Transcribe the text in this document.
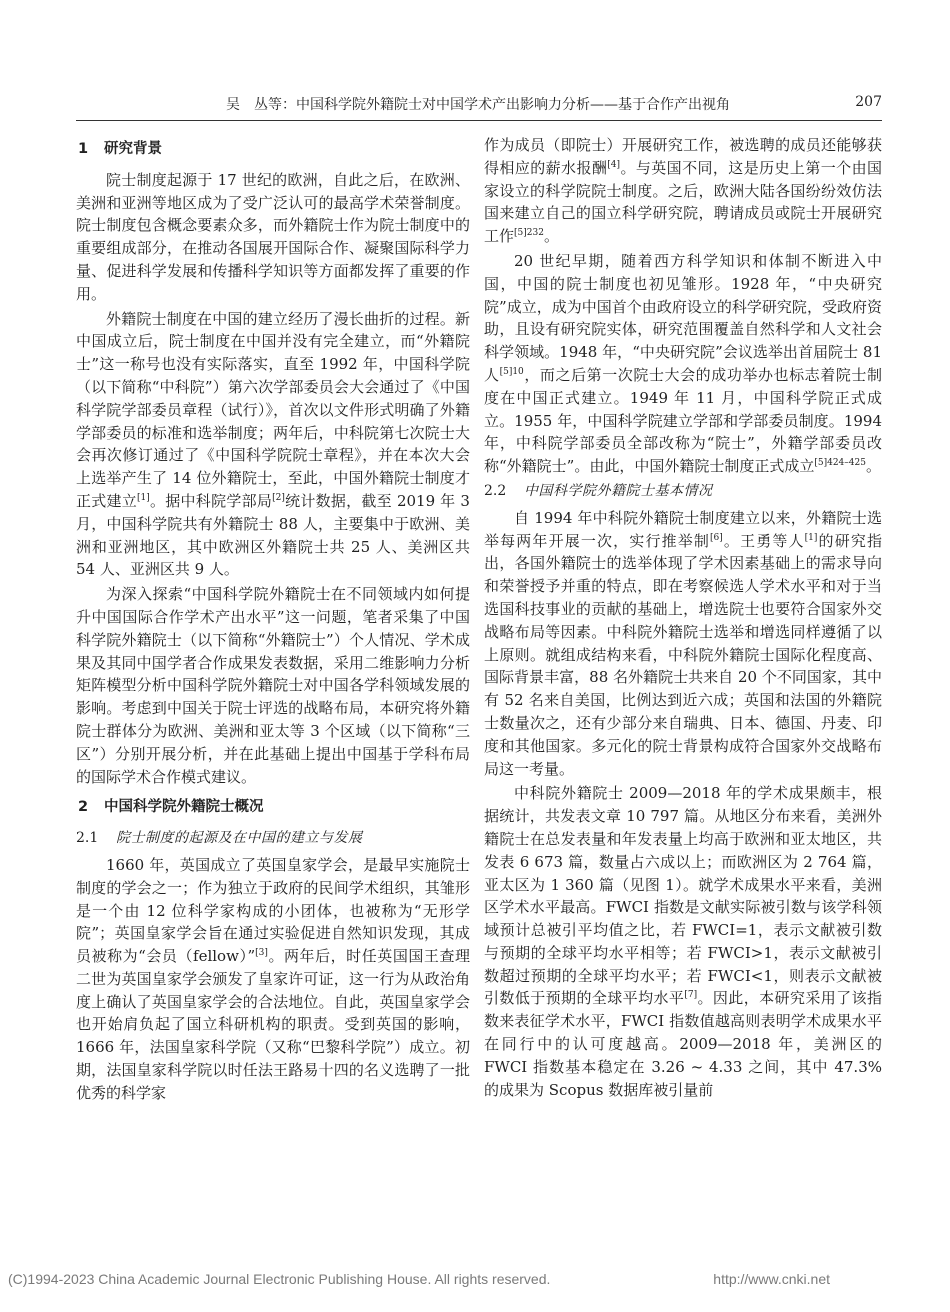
吴　丛等：中国科学院外籍院士对中国学术产出影响力分析——基于合作产出视角	207
1 研究背景

院士制度起源于 17 世纪的欧洲，自此之后，在欧洲、美洲和亚洲等地区成为了受广泛认可的最高学术荣誉制度。院士制度包含概念要素众多，而外籍院士作为院士制度中的重要组成部分，在推动各国展开国际合作、凝聚国际科学力量、促进科学发展和传播科学知识等方面都发挥了重要的作用。

外籍院士制度在中国的建立经历了漫长曲折的过程。新中国成立后，院士制度在中国并没有完全建立，而“外籍院士”这一称号也没有实际落实，直至 1992 年，中国科学院（以下简称“中科院”）第六次学部委员会大会通过了《中国科学院学部委员章程（试行）》，首次以文件形式明确了外籍学部委员的标准和选举制度；两年后，中科院第七次院士大会再次修订通过了《中国科学院院士章程》，并在本次大会上选举产生了 14 位外籍院士，至此，中国外籍院士制度才正式建立[1]。据中科院学部局[2]统计数据，截至 2019 年 3 月，中国科学院共有外籍院士 88 人，主要集中于欧洲、美洲和亚洲地区，其中欧洲区外籍院士共 25 人、美洲区共 54 人、亚洲区共 9 人。

为深入探索“中国科学院外籍院士在不同领域内如何提升中国国际合作学术产出水平”这一问题，笔者采集了中国科学院外籍院士（以下简称“外籍院士”）个人情况、学术成果及其同中国学者合作成果发表数据，采用二维影响力分析矩阵模型分析中国科学院外籍院士对中国各学科领域发展的影响。考虑到中国关于院士评选的战略布局，本研究将外籍院士群体分为欧洲、美洲和亚太等 3 个区域（以下简称“三区”）分别开展分析，并在此基础上提出中国基于学科布局的国际学术合作模式建议。

2 中国科学院外籍院士概况
2.1 院士制度的起源及在中国的建立与发展

1660 年，英国成立了英国皇家学会，是最早实施院士制度的学会之一；作为独立于政府的民间学术组织，其雏形是一个由 12 位科学家构成的小团体，也被称为“无形学院”；英国皇家学会旨在通过实验促进自然知识发现，其成员被称为“会员（fellow）”[3]。两年后，时任英国国王查理二世为英国皇家学会颁发了皇家许可证，这一行为从政治角度上确认了英国皇家学会的合法地位。自此，英国皇家学会也开始肩负起了国立科研机构的职责。受到英国的影响，1666 年，法国皇家科学院（又称“巴黎科学院”）成立。初期，法国皇家科学院以时任法王路易十四的名义选聘了一批优秀的科学家

作为成员（即院士）开展研究工作，被选聘的成员还能够获得相应的薪水报酬[4]。与英国不同，这是历史上第一个由国家设立的科学院院士制度。之后，欧洲大陆各国纷纷效仿法国来建立自己的国立科学研究院，聘请成员或院士开展研究工作$^{[5]232}$。

20 世纪早期，随着西方科学知识和体制不断进入中国，中国的院士制度也初见雏形。1928 年，“中央研究院”成立，成为中国首个由政府设立的科学研究院，受政府资助，且设有研究院实体，研究范围覆盖自然科学和人文社会科学领域。1948 年，“中央研究院”会议选举出首届院士 81 人$^{[5]10}$，而之后第一次院士大会的成功举办也标志着院士制度在中国正式建立。1949 年 11 月，中国科学院正式成立。1955 年，中国科学院建立学部和学部委员制度。1994 年，中科院学部委员全部改称为“院士”，外籍学部委员改称“外籍院士”。由此，中国外籍院士制度正式成立$^{[5]424-425}$。

2.2 中国科学院外籍院士基本情况

自 1994 年中科院外籍院士制度建立以来，外籍院士选举每两年开展一次，实行推举制[6]。王勇等人[1]的研究指出，各国外籍院士的选举体现了学术因素基础上的需求导向和荣誉授予并重的特点，即在考察候选人学术水平和对于当选国科技事业的贡献的基础上，增选院士也要符合国家外交战略布局等因素。中科院外籍院士选举和增选同样遵循了以上原则。就组成结构来看，中科院外籍院士国际化程度高、国际背景丰富，88 名外籍院士共来自 20 个不同国家，其中有 52 名来自美国，比例达到近六成；英国和法国的外籍院士数量次之，还有少部分来自瑞典、日本、德国、丹麦、印度和其他国家。多元化的院士背景构成符合国家外交战略布局这一考量。

中科院外籍院士 2009—2018 年的学术成果颇丰，根据统计，共发表文章 10 797 篇。从地区分布来看，美洲外籍院士在总发表量和年发表量上均高于欧洲和亚太地区，共发表 6 673 篇，数量占六成以上；而欧洲区为 2 764 篇，亚太区为 1 360 篇（见图 1）。就学术成果水平来看，美洲区学术水平最高。FWCI 指数是文献实际被引数与该学科领域预计总被引平均值之比，若 FWCI=1，表示文献被引数与预期的全球平均水平相等；若 FWCI>1，表示文献被引数超过预期的全球平均水平；若 FWCI<1，则表示文献被引数低于预期的全球平均水平[7]。因此，本研究采用了该指数来表征学术水平，FWCI 指数值越高则表明学术成果水平在同行中的认可度越高。2009—2018 年，美洲区的 FWCI 指数基本稳定在 3.26 ~ 4.33 之间，其中 47.3% 的成果为 Scopus 数据库被引量前

(C)1994-2023 China Academic Journal Electronic Publishing House. All rights reserved.	http://www.cnki.net
